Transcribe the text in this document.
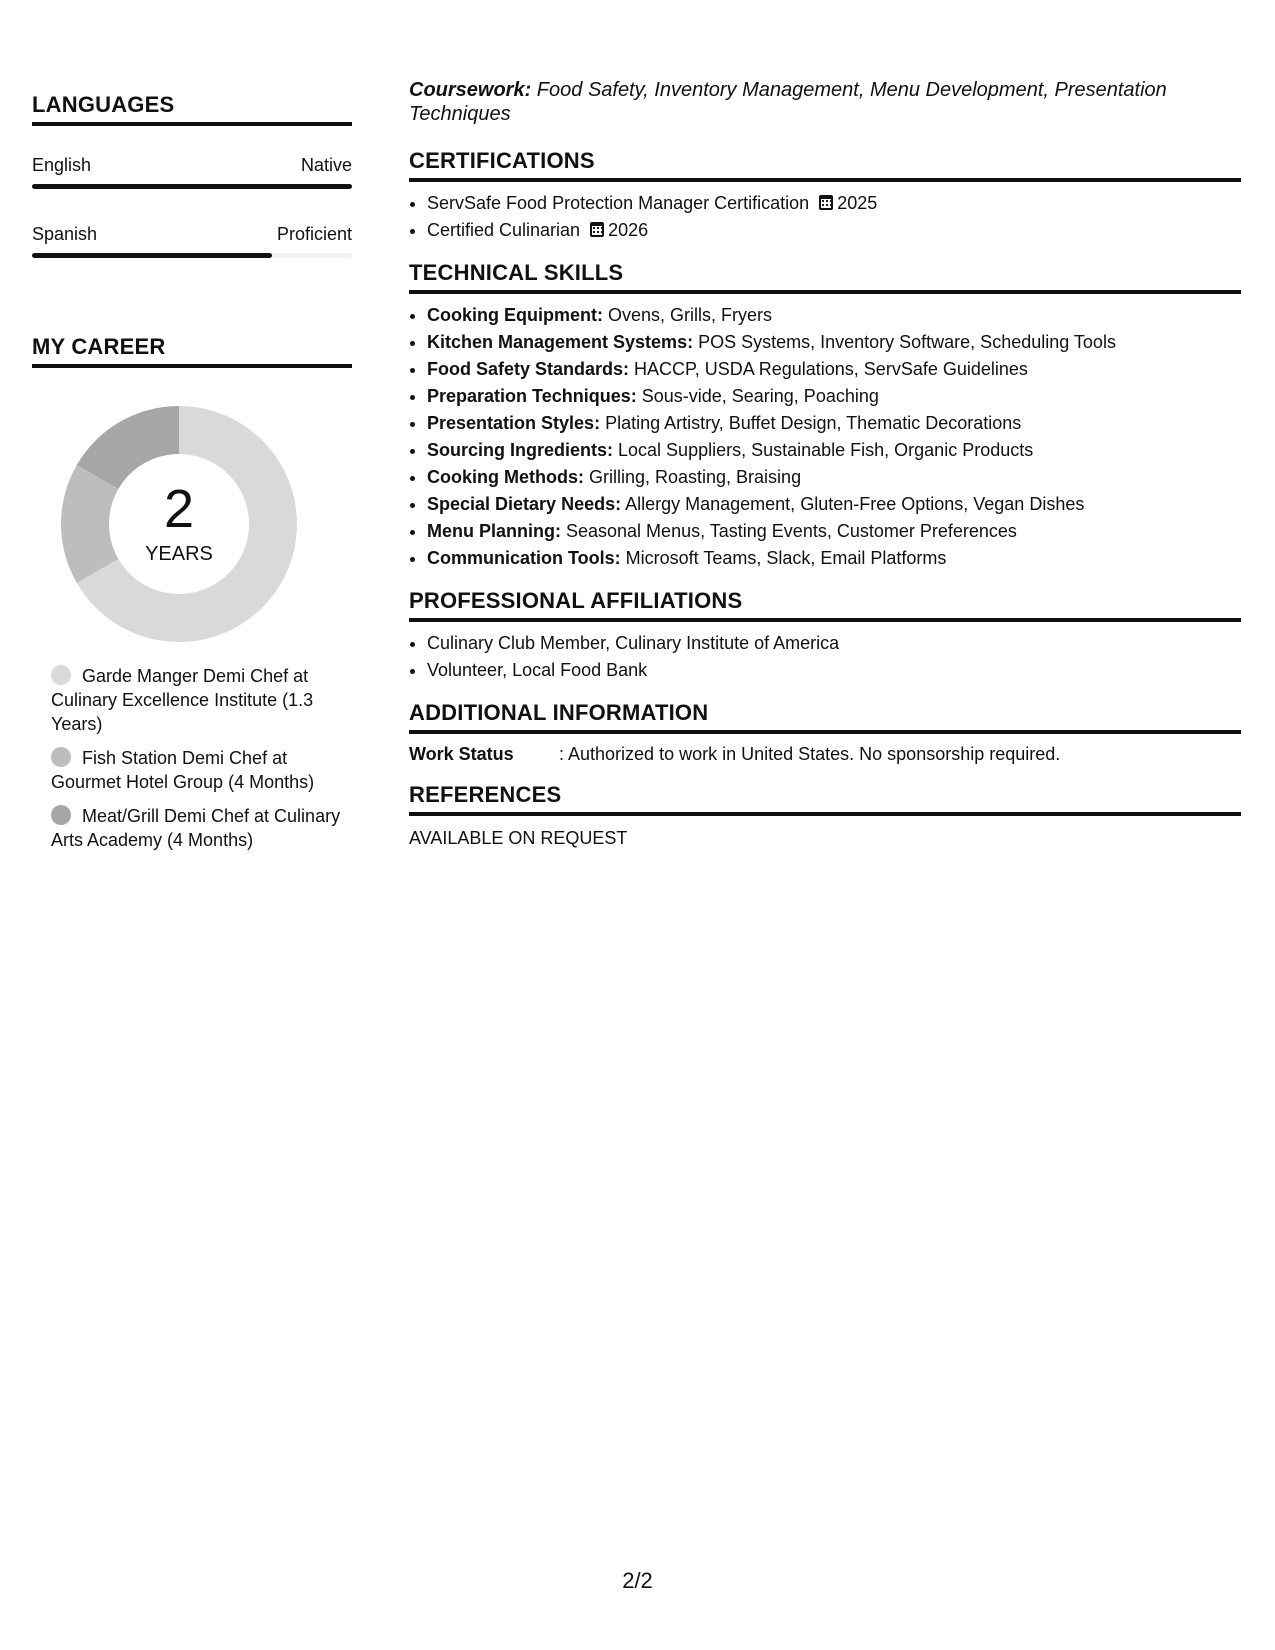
LANGUAGES
English	Native
Spanish	Proficient
MY CAREER
2
YEARS
Garde Manger Demi Chef at Culinary Excellence Institute (1.3 Years)
Fish Station Demi Chef at Gourmet Hotel Group (4 Months)
Meat/Grill Demi Chef at Culinary Arts Academy (4 Months)
Coursework: Food Safety, Inventory Management, Menu Development, Presentation Techniques
CERTIFICATIONS
• ServSafe Food Protection Manager Certification 2025
• Certified Culinarian 2026
TECHNICAL SKILLS
• Cooking Equipment: Ovens, Grills, Fryers
• Kitchen Management Systems: POS Systems, Inventory Software, Scheduling Tools
• Food Safety Standards: HACCP, USDA Regulations, ServSafe Guidelines
• Preparation Techniques: Sous-vide, Searing, Poaching
• Presentation Styles: Plating Artistry, Buffet Design, Thematic Decorations
• Sourcing Ingredients: Local Suppliers, Sustainable Fish, Organic Products
• Cooking Methods: Grilling, Roasting, Braising
• Special Dietary Needs: Allergy Management, Gluten-Free Options, Vegan Dishes
• Menu Planning: Seasonal Menus, Tasting Events, Customer Preferences
• Communication Tools: Microsoft Teams, Slack, Email Platforms
PROFESSIONAL AFFILIATIONS
• Culinary Club Member, Culinary Institute of America
• Volunteer, Local Food Bank
ADDITIONAL INFORMATION
Work Status	: Authorized to work in United States. No sponsorship required.
REFERENCES
AVAILABLE ON REQUEST
2/2
